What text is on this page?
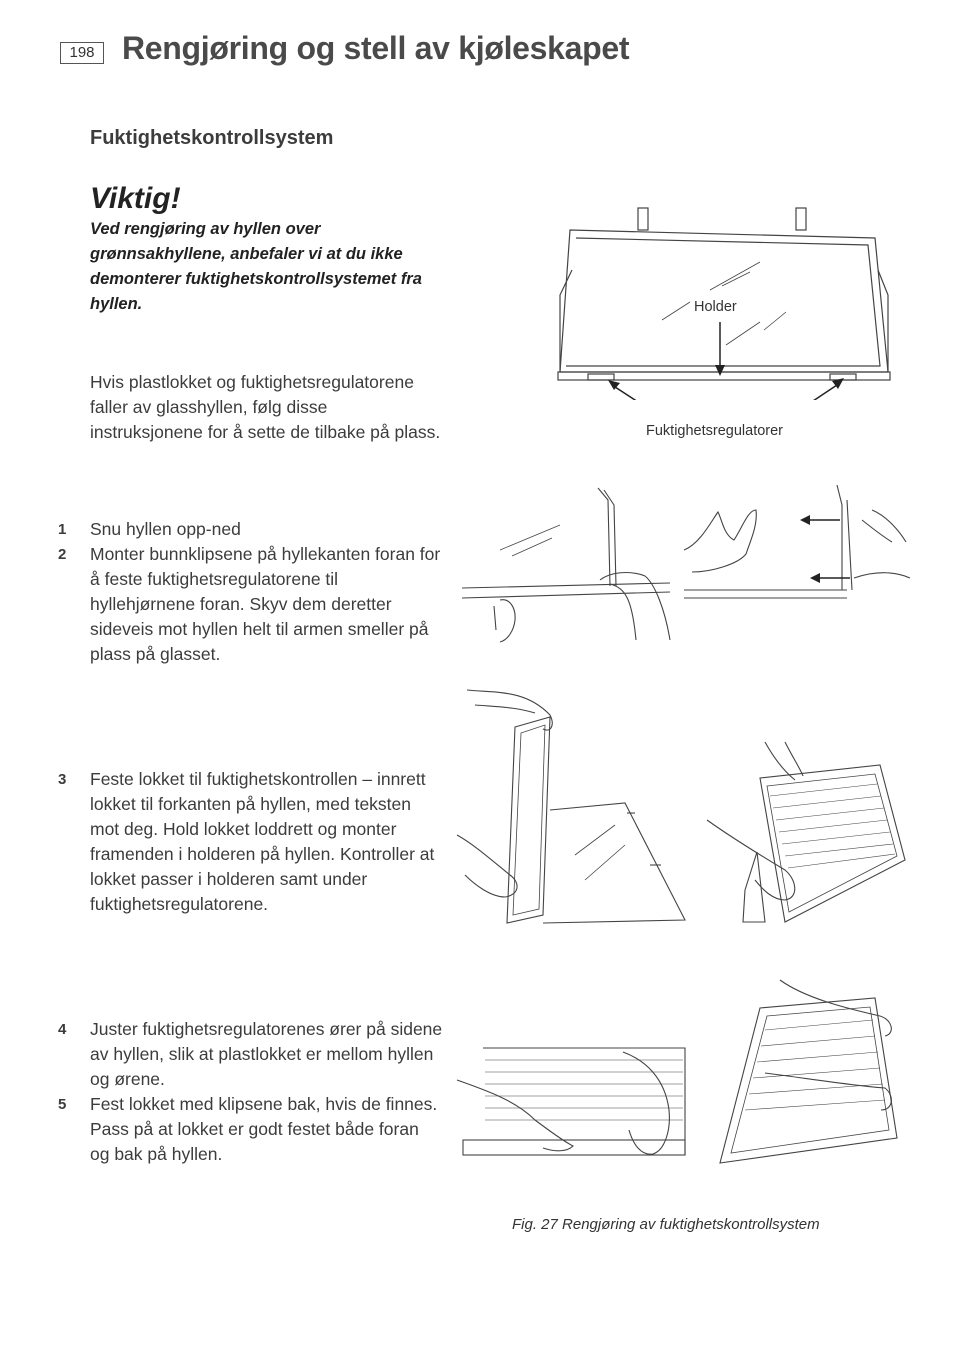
198 Rengjøring og stell av kjøleskapet
Fuktighetskontrollsystem
Viktig!

Ved rengjøring av hyllen over grønnsakhyllene, anbefaler vi at du ikke demonterer fuktighetskontrollsystemet fra hyllen.

Hvis plastlokket og fuktighetsregulatorene faller av glasshyllen, følg disse instruksjonene for å sette de tilbake på plass.

1 Snu hyllen opp-ned
2 Monter bunnklipsene på hyllekanten foran for å feste fuktighetsregulatorene til hyllehjørnene foran. Skyv dem deretter sideveis mot hyllen helt til armen smeller på plass på glasset.
3 Feste lokket til fuktighetskontrollen – innrett lokket til forkanten på hyllen, med teksten mot deg. Hold lokket loddrett og monter framenden i holderen på hyllen. Kontroller at lokket passer i holderen samt under fuktighetsregulatorene.
4 Juster fuktighetsregulatorenes ører på sidene av hyllen, slik at plastlokket er mellom hyllen og ørene.
5 Fest lokket med klipsene bak, hvis de finnes. Pass på at lokket er godt festet både foran og bak på hyllen.
Holder
Fuktighetsregulatorer

Fig. 27 Rengjøring av fuktighetskontrollsystem
